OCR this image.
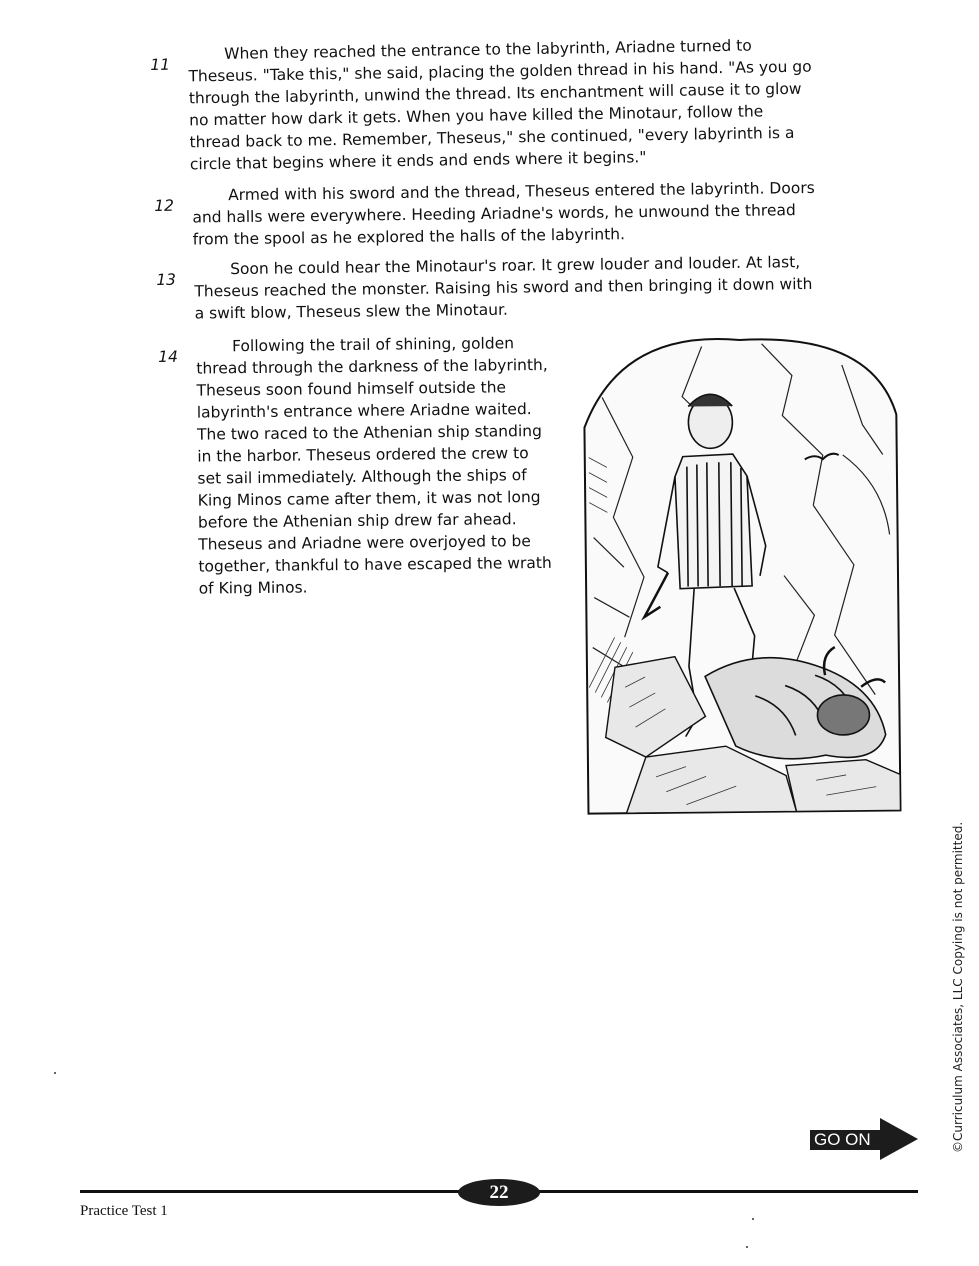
11
When they reached the entrance to the labyrinth, Ariadne turned to Theseus. "Take this," she said, placing the golden thread in his hand. "As you go through the labyrinth, unwind the thread. Its enchantment will cause it to glow no matter how dark it gets. When you have killed the Minotaur, follow the thread back to me. Remember, Theseus," she continued, "every labyrinth is a circle that begins where it ends and ends where it begins."
12
Armed with his sword and the thread, Theseus entered the labyrinth. Doors and halls were everywhere. Heeding Ariadne's words, he unwound the thread from the spool as he explored the halls of the labyrinth.
13
Soon he could hear the Minotaur's roar. It grew louder and louder. At last, Theseus reached the monster. Raising his sword and then bringing it down with a swift blow, Theseus slew the Minotaur.
14
Following the trail of shining, golden thread through the darkness of the labyrinth, Theseus soon found himself outside the labyrinth's entrance where Ariadne waited. The two raced to the Athenian ship standing in the harbor. Theseus ordered the crew to set sail immediately. Although the ships of King Minos came after them, it was not long before the Athenian ship drew far ahead. Theseus and Ariadne were overjoyed to be together, thankful to have escaped the wrath of King Minos.
©Curriculum Associates, LLC Copying is not permitted.
GO ON
22
Practice Test 1
